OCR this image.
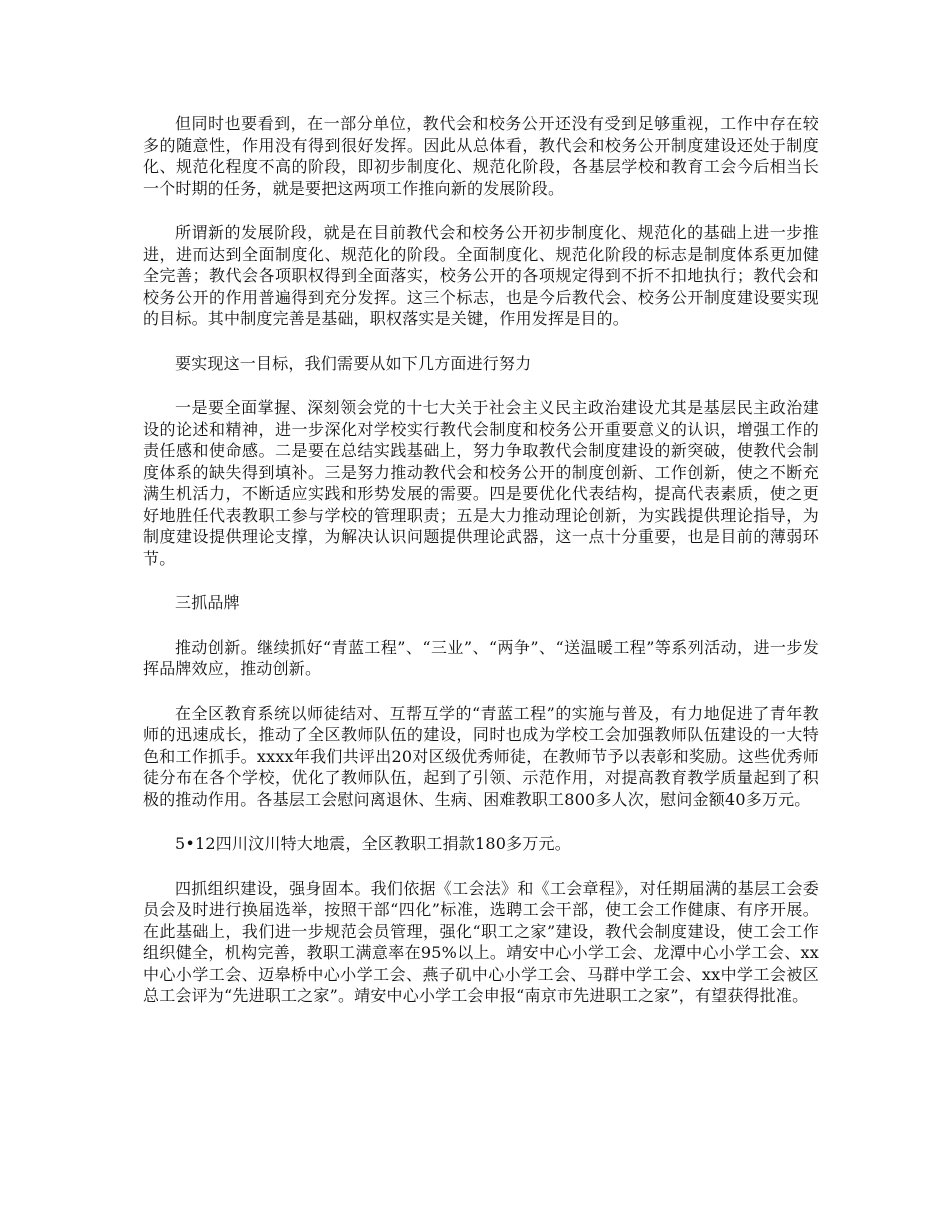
但同时也要看到，在一部分单位，教代会和校务公开还没有受到足够重视，工作中存在较多的随意性，作用没有得到很好发挥。因此从总体看，教代会和校务公开制度建设还处于制度化、规范化程度不高的阶段，即初步制度化、规范化阶段，各基层学校和教育工会今后相当长一个时期的任务，就是要把这两项工作推向新的发展阶段。

所谓新的发展阶段，就是在目前教代会和校务公开初步制度化、规范化的基础上进一步推进，进而达到全面制度化、规范化的阶段。全面制度化、规范化阶段的标志是制度体系更加健全完善；教代会各项职权得到全面落实，校务公开的各项规定得到不折不扣地执行；教代会和校务公开的作用普遍得到充分发挥。这三个标志，也是今后教代会、校务公开制度建设要实现的目标。其中制度完善是基础，职权落实是关键，作用发挥是目的。

要实现这一目标，我们需要从如下几方面进行努力

一是要全面掌握、深刻领会党的十七大关于社会主义民主政治建设尤其是基层民主政治建设的论述和精神，进一步深化对学校实行教代会制度和校务公开重要意义的认识，增强工作的责任感和使命感。二是要在总结实践基础上，努力争取教代会制度建设的新突破，使教代会制度体系的缺失得到填补。三是努力推动教代会和校务公开的制度创新、工作创新，使之不断充满生机活力，不断适应实践和形势发展的需要。四是要优化代表结构，提高代表素质，使之更好地胜任代表教职工参与学校的管理职责；五是大力推动理论创新，为实践提供理论指导，为制度建设提供理论支撑，为解决认识问题提供理论武器，这一点十分重要，也是目前的薄弱环节。

三抓品牌

推动创新。继续抓好“青蓝工程”、“三业”、“两争”、“送温暖工程”等系列活动，进一步发挥品牌效应，推动创新。

在全区教育系统以师徒结对、互帮互学的“青蓝工程”的实施与普及，有力地促进了青年教师的迅速成长，推动了全区教师队伍的建设，同时也成为学校工会加强教师队伍建设的一大特色和工作抓手。xxxx年我们共评出20对区级优秀师徒，在教师节予以表彰和奖励。这些优秀师徒分布在各个学校，优化了教师队伍，起到了引领、示范作用，对提高教育教学质量起到了积极的推动作用。各基层工会慰问离退休、生病、困难教职工800多人次，慰问金额40多万元。

5•12四川汶川特大地震，全区教职工捐款180多万元。

四抓组织建设，强身固本。我们依据《工会法》和《工会章程》，对任期届满的基层工会委员会及时进行换届选举，按照干部“四化”标准，选聘工会干部，使工会工作健康、有序开展。在此基础上，我们进一步规范会员管理，强化“职工之家”建设，教代会制度建设，使工会工作组织健全，机构完善，教职工满意率在95%以上。靖安中心小学工会、龙潭中心小学工会、xx中心小学工会、迈皋桥中心小学工会、燕子矶中心小学工会、马群中学工会、xx中学工会被区总工会评为“先进职工之家”。靖安中心小学工会申报“南京市先进职工之家”，有望获得批准。
